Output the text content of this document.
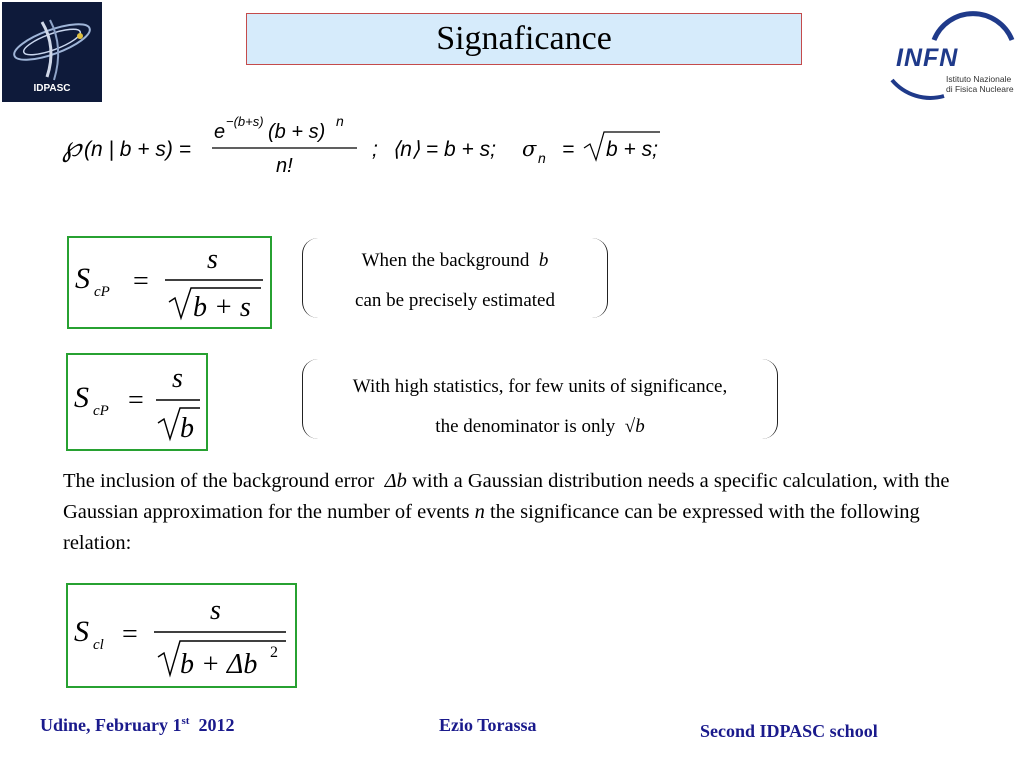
IDPASC
Signaficance
INFN
Istituto Nazionale
di Fisica Nucleare
℘ (n | b + s) =
e −(b+s) (b + s) n
n!
; ⟨n⟩ = b + s; σ n = b + s;
S cP =
s
b + s
When the background b
can be precisely estimated
S cP =
s
b
With high statistics, for few units of significance,
the denominator is only √b
The inclusion of the background error Δb with a Gaussian distribution needs a specific calculation, with the Gaussian approximation for the number of events n the significance can be expressed with the following relation:
S cl =
s
b + Δb 2
Udine, February 1st 2012	Ezio Torassa	Second IDPASC school
